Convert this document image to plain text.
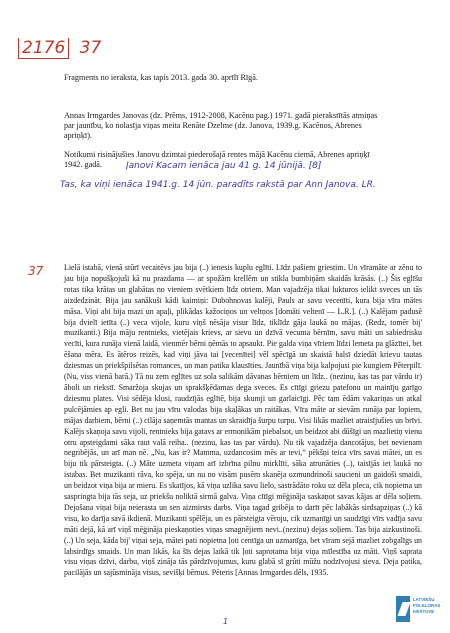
2176 37
Fragments no ieraksta, kas tapis 2013. gada 30. aprīlī Rīgā.
Annas Irmgardes Janovas (dz. Prēms, 1912-2008, Kacēnu pag.) 1971. gadā pierakstītās atmiņas
par jaunību, ko nolasīja viņas meita Renāte Dzelme (dz. Janova, 1939.g. Kacēnos, Abrenes
apriņķī).
Notikumi risinājušies Janovu dzimtai piederošajā rentes mājā Kacēnu ciemā, Abrenes apriņķī
1942. gadā.	Janovi Kacam ienāca jau 41 g. 14 jūnijā. [8]
Tas, ka viņi ienāca 1941.g. 14 jūn. paradīts rakstā par Ann Janova. LR.
37	Lielā istabā, vienā stūrī vecaitēvs jau bija (..) ienesis kuplu eglīti. Līdz pašiem griestim. Un vīramāte ar zēnu to jau bija nopušķojuši kā nu prazdama — ar spožām krellēm un stikla bumbiņām skaidās krāsās. (..) Šis eglīšu rotas tika krātas un glabātas no vieniem svētkiem līdz otriem. Man vajadzēja tikai lukturos ielikt sveces un tās aizdedzināt. Bija jau sanākuši kādi kaimiņi: Dubohnovas kalēji, Pauls ar savu vecenīti, kura bija vīra mātes māsa. Viņi abi bija mazi un apaļi, plikādas kažociņos un veltņos [domāti veltenī — L.R.]. (..) Kalējam padusē bija dvielī ietīta (..) veca vijole, kuru viņš nēsāja visur līdz, tiklīdz gāja laukā no mājas. (Redz, tomēr bij' muzikanti.) Bija māju rentnieks, vietējais krievs, ar sievu un dzīvā vecuma bērnīm, savu māti un sabiedrisku vecīti, kura runāja vienā laidā, vienmēr bērni ņēmās to apsaukt. Pie galda viņa vīriem līdzi lemeta pa glāzītei, bet ēšana mēra. Es ātēros reizēs, kad viņi jāva tai [vecenītei] vēl spēcīgā un skaistā balsī dziedāt krievu tautas dziesmas un priekšpilsētas romances, un man patika klausīties. Jaunībā viņa bija kalpojusi pie kungiem Pēterpilī. (Nu, viss vienā barā.) Tā nu zem eglītes uz sola salikām dāvanas bērniem un līdz.. (nezinu, kas tas par vārdu ir) āboli un riekstī. Smaržoja skujas un sprakšķēdamas dega sveces. Es cītīgi griezu patefonu un mainīju garīgo dziesmu plates. Visi sēdēja klusi, raudzījās eglītē, bija skumji un garlaicīgi. Pēc tam ēdām vakariņas un atkal pulcējāmies ap egli. Bet nu jau vīru valodas bija skaļākas un raitākas. Vīra māte ar sievām runāja par lopiem, mājas darbiem, bērni (..) cilāja saņemtās mantas un skraidīja šurpu turpu. Visi likās mazliet atraisījušies un brīvi. Kalējs skaņoja savu vijoli, rentnieks bija gatavs ar ermonikām piebalsot, un beidzot abi dūšīgi un mazlietiņ vienu otru apsteigdami sāka raut valā reiha.. (nezinu, kas tas par vārdu). Nu tik vajadzēja dancotājus, bet nevienam negribējās, un arī man nē. „Nu, kas ir? Mamma, uzdancosim mēs ar tevi,” pēkšņi teica vīrs savai mātei, un es biju tik pārsteigta. (..) Māte uzmeta viņam arī izbrīna pilnu mirklīti, sāka atrunāties (..), taisījās iet laukā no istabas. Bet muzikanti rāva, ko spēja, un nu no visām pusēm skanēja uzmundrinoši saucieni un gaidoši smaidi, un beidzot viņa bija ar mieru. Es skatījos, kā viņa uzlika savu lielo, sastrādāto roku uz dēla pleca, cik nopietna un saspringta bija tās seja, uz priekšu noliktā sirmā galva. Viņa cītīgi mēģināja saskaņot savas kājas ar dēla soļiem. Dejošana viņai bija neierasta un sen aizmirsts darbs. Viņa tagad gribēja to darīt pēc labākās sirdsapziņas (..) kā visu, ko darīja savā ikdienā. Muzikanti spēlēja, un es pārsteigta vēroju, cik uzmanīgi un saudzīgi vīrs vadīja savu māti dejā, kā arī viņš mēģināja pieskaņoties viņas smagnējiem nevi..(nezinu) dejas soļiem. Tas bija aizkustinoši. (..) Un seja, kāda bij' viņai seja, mātei pati nopietna ļoti centīga un uzmanīga, bet vīram sejā mazliet zobgalīgs un labsirdīgs smaids. Un man likās, ka šīs dejas laikā tik ļoti saprotama bija viņa mīlestība uz māti. Viņš saprata visu viņas dzīvi, darbu, viņš zināja tās pārdzīvojumus, kuru glabā sī grūti mūžu nodzīvojusi sieva. Deja patika, pacilājās un sajūsmināja visus, sevišķi bērnus. Pēteris [Annas Irmgardes dēls, 1935.
1
LATVIEŠU
FOLKLORAS
KRĀTUVE
